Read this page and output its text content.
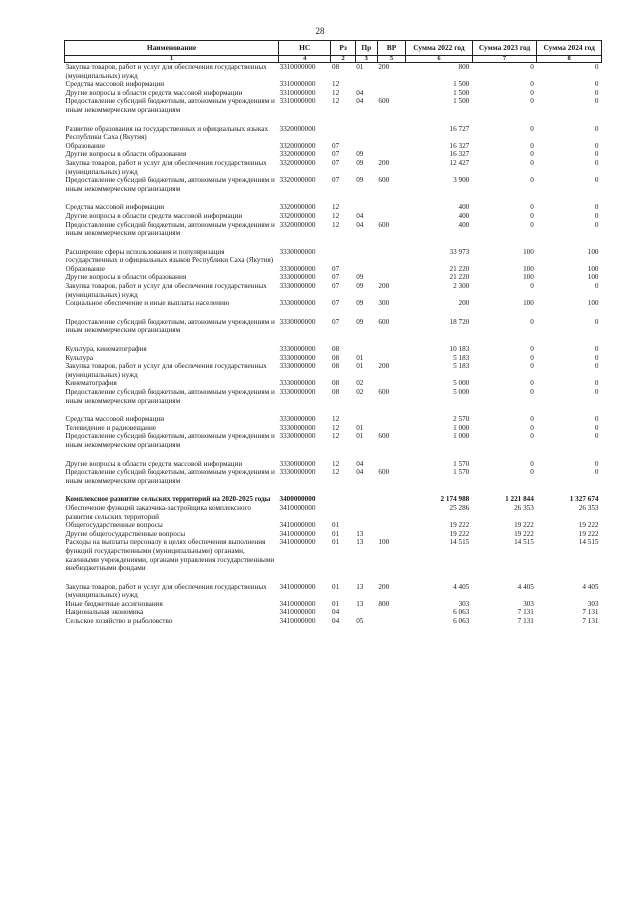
28
Наименование	НС	Рз	Пр	ВР	Сумма 2022 год	Сумма 2023 год	Сумма 2024 год
1	4	2	3	5	6	7	8
Закупка товаров, работ и услуг для обеспечения государственных (муниципальных) нужд	3310000000	08	01	200	800	0	0
Средства массовой информации	3310000000	12			1 500	0	0
Другие вопросы в области средств массовой информации	3310000000	12	04		1 500	0	0
Предоставление субсидий бюджетным, автономным учреждениям и иным некоммерческим организациям	3310000000	12	04	600	1 500	0	0

Развитие образования на государственных и официальных языках Республики Саха (Якутия)	3320000000				16 727	0	0
Образование	3320000000	07			16 327	0	0
Другие вопросы в области образования	3320000000	07	09		16 327	0	0
Закупка товаров, работ и услуг для обеспечения государственных (муниципальных) нужд	3320000000	07	09	200	12 427	0	0
Предоставление субсидий бюджетным, автономным учреждениям и иным некоммерческим организациям	3320000000	07	09	600	3 900	0	0

Средства массовой информации	3320000000	12			400	0	0
Другие вопросы в области средств массовой информации	3320000000	12	04		400	0	0
Предоставление субсидий бюджетным, автономным учреждениям и иным некоммерческим организациям	3320000000	12	04	600	400	0	0

Расширение сферы использования и популяризация государственных и официальных языков Республики Саха (Якутия)	3330000000				33 973	100	100
Образование	3330000000	07			21 220	100	100
Другие вопросы в области образования	3330000000	07	09		21 220	100	100
Закупка товаров, работ и услуг для обеспечения государственных (муниципальных) нужд	3330000000	07	09	200	2 300	0	0
Социальное обеспечение и иные выплаты населению	3330000000	07	09	300	200	100	100

Предоставление субсидий бюджетным, автономным учреждениям и иным некоммерческим организациям	3330000000	07	09	600	18 720	0	0

Культура, кинематография	3330000000	08			10 183	0	0
Культура	3330000000	08	01		5 183	0	0
Закупка товаров, работ и услуг для обеспечения государственных (муниципальных) нужд	3330000000	08	01	200	5 183	0	0
Кинематография	3330000000	08	02		5 000	0	0
Предоставление субсидий бюджетным, автономным учреждениям и иным некоммерческим организациям	3330000000	08	02	600	5 000	0	0

Средства массовой информации	3330000000	12			2 570	0	0
Телевидение и радиовещание	3330000000	12	01		1 000	0	0
Предоставление субсидий бюджетным, автономным учреждениям и иным некоммерческим организациям	3330000000	12	01	600	1 000	0	0

Другие вопросы в области средств массовой информации	3330000000	12	04		1 570	0	0
Предоставление субсидий бюджетным, автономным учреждениям и иным некоммерческим организациям	3330000000	12	04	600	1 570	0	0

Комплексное развитие сельских территорий на 2020-2025 годы	3400000000				2 174 988	1 221 844	1 327 674
Обеспечение функций заказчика-застройщика комплексного развития сельских территорий	3410000000				25 286	26 353	26 353
Общегосударственные вопросы	3410000000	01			19 222	19 222	19 222
Другие общегосударственные вопросы	3410000000	01	13		19 222	19 222	19 222
Расходы на выплаты персоналу в целях обеспечения выполнения функций государственными (муниципальными) органами, казенными учреждениями, органами управления государственными внебюджетными фондами	3410000000	01	13	100	14 515	14 515	14 515

Закупка товаров, работ и услуг для обеспечения государственных (муниципальных) нужд	3410000000	01	13	200	4 405	4 405	4 405
Иные бюджетные ассигнования	3410000000	01	13	800	303	303	303
Национальная экономика	3410000000	04			6 063	7 131	7 131
Сельское хозяйство и рыболовство	3410000000	04	05		6 063	7 131	7 131
